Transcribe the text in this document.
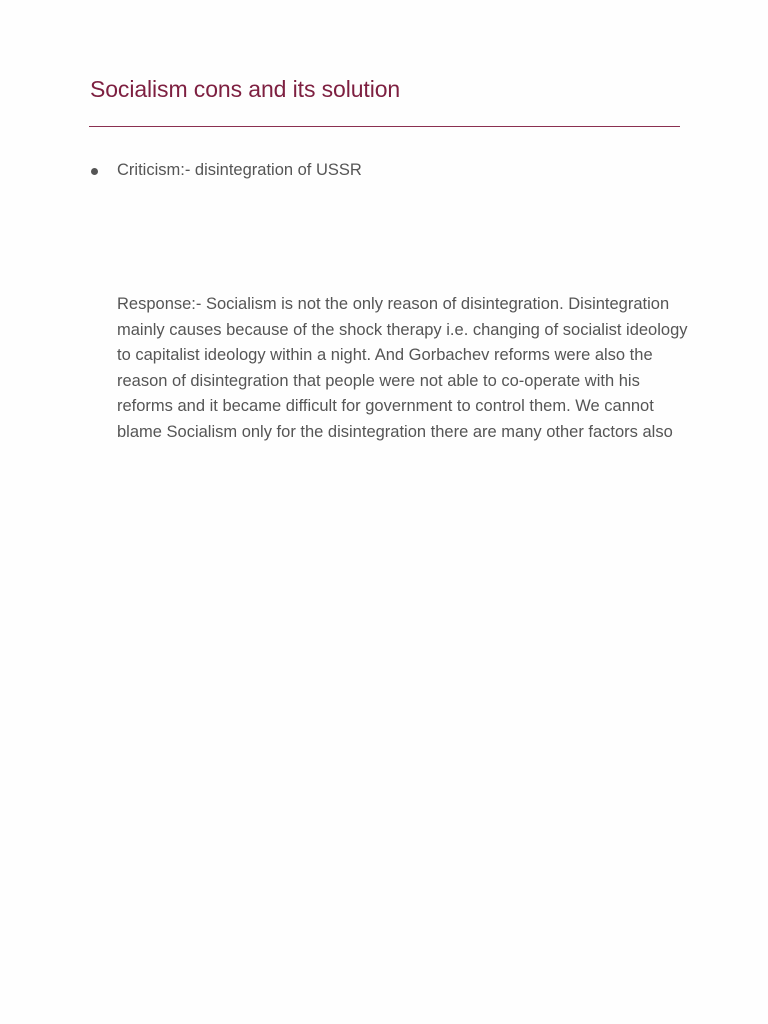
Socialism cons and its solution
Criticism:- disintegration of USSR

Response:- Socialism is not the only reason of disintegration. Disintegration mainly causes because of the shock therapy i.e. changing of socialist ideology to capitalist ideology within a night. And Gorbachev reforms were also the reason of disintegration that people were not able to co-operate with his reforms and it became difficult for government to control them. We cannot blame Socialism only for the disintegration there are many other factors also
